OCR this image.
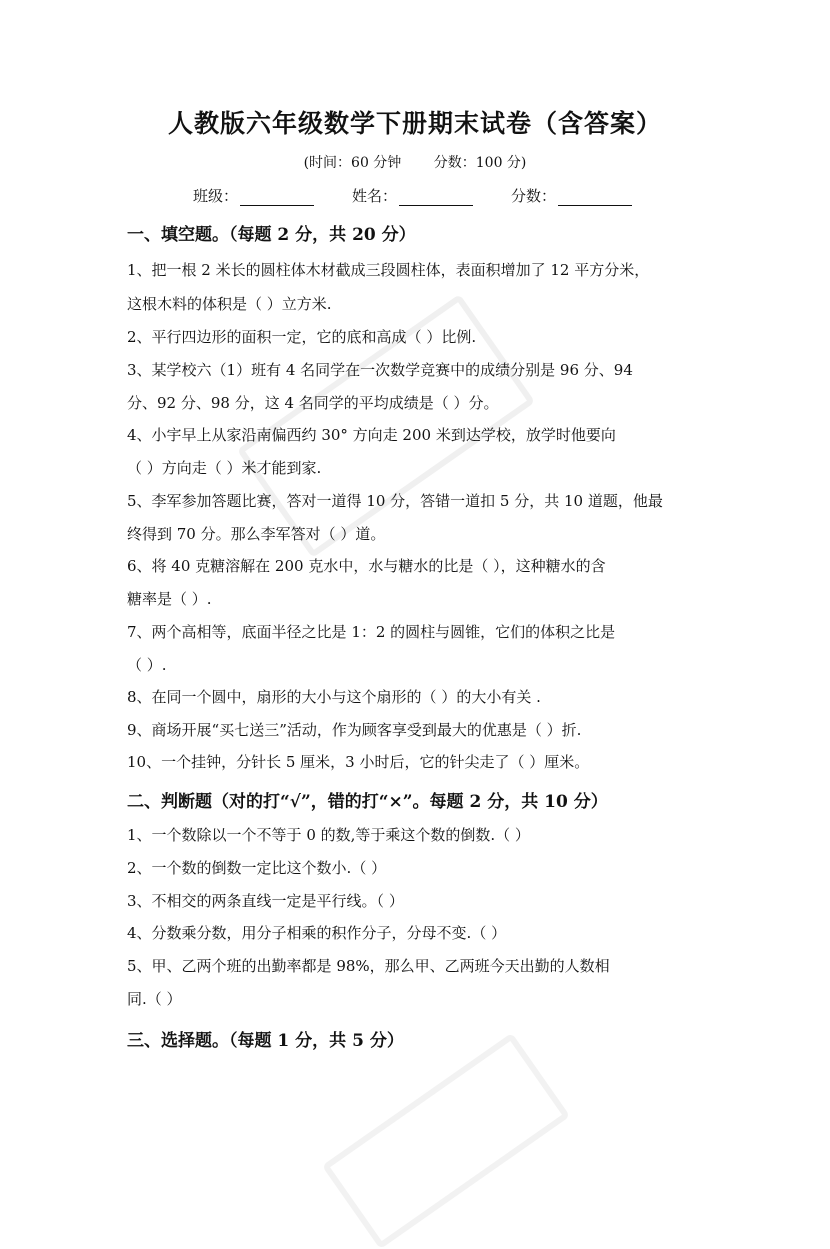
人教版六年级数学下册期末试卷（含答案）
(时间：60 分钟 分数：100 分)
班级：	姓名：	分数：
一、填空题。（每题 2 分，共 20 分）
1、把一根 2 米长的圆柱体木材截成三段圆柱体，表面积增加了 12 平方分米，
这根木料的体积是（ ）立方米.
2、平行四边形的面积一定，它的底和高成（ ）比例.
3、某学校六（1）班有 4 名同学在一次数学竞赛中的成绩分别是 96 分、94
分、92 分、98 分，这 4 名同学的平均成绩是（ ）分。
4、小宇早上从家沿南偏西约 30° 方向走 200 米到达学校，放学时他要向
（ ）方向走（ ）米才能到家.
5、李军参加答题比赛，答对一道得 10 分，答错一道扣 5 分，共 10 道题，他最
终得到 70 分。那么李军答对（ ）道。
6、将 40 克糖溶解在 200 克水中，水与糖水的比是（ ），这种糖水的含
糖率是（ ）.
7、两个高相等，底面半径之比是 1：2 的圆柱与圆锥，它们的体积之比是
（ ）.
8、在同一个圆中，扇形的大小与这个扇形的（ ）的大小有关 .
9、商场开展“买七送三”活动，作为顾客享受到最大的优惠是（ ）折.
10、一个挂钟，分针长 5 厘米，3 小时后，它的针尖走了（ ）厘米。
二、判断题（对的打“√”，错的打“×”。每题 2 分，共 10 分）
1、一个数除以一个不等于 0 的数,等于乘这个数的倒数.（ ）
2、一个数的倒数一定比这个数小.（ ）
3、不相交的两条直线一定是平行线。（ ）
4、分数乘分数，用分子相乘的积作分子，分母不变.（ ）
5、甲、乙两个班的出勤率都是 98%，那么甲、乙两班今天出勤的人数相
同.（ ）
三、选择题。（每题 1 分，共 5 分）
